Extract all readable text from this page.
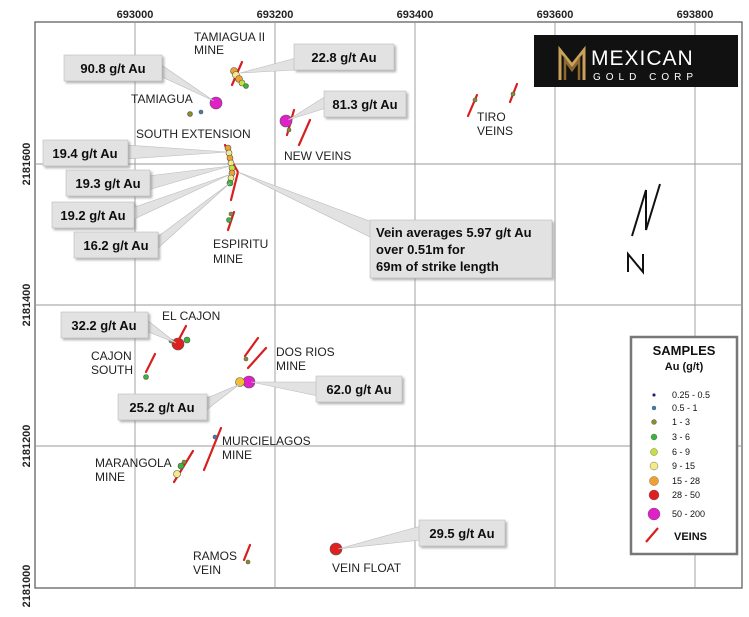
693000	693200	693400	693600	693800
2181600
2181400
2181200
2181000
MEXICAN
GOLD CORP
TAMIAGUA II
MINE
TAMIAGUA
SOUTH EXTENSION
NEW VEINS
TIRO
VEINS
ESPIRITU
MINE
EL CAJON
CAJON
SOUTH
DOS RIOS
MINE
MURCIELAGOS
MINE
MARANGOLA
MINE
RAMOS
VEIN	VEIN FLOAT
90.8 g/t Au
22.8 g/t Au
81.3 g/t Au
19.4 g/t Au
19.3 g/t Au
19.2 g/t Au
16.2 g/t Au
Vein averages 5.97 g/t Au
over 0.51m for
69m of strike length
32.2 g/t Au
25.2 g/t Au
62.0 g/t Au
29.5 g/t Au
SAMPLES
Au (g/t)
0.25 - 0.5
0.5 - 1
1 - 3
3 - 6
6 - 9
9 - 15
15 - 28
28 - 50
50 - 200
VEINS
